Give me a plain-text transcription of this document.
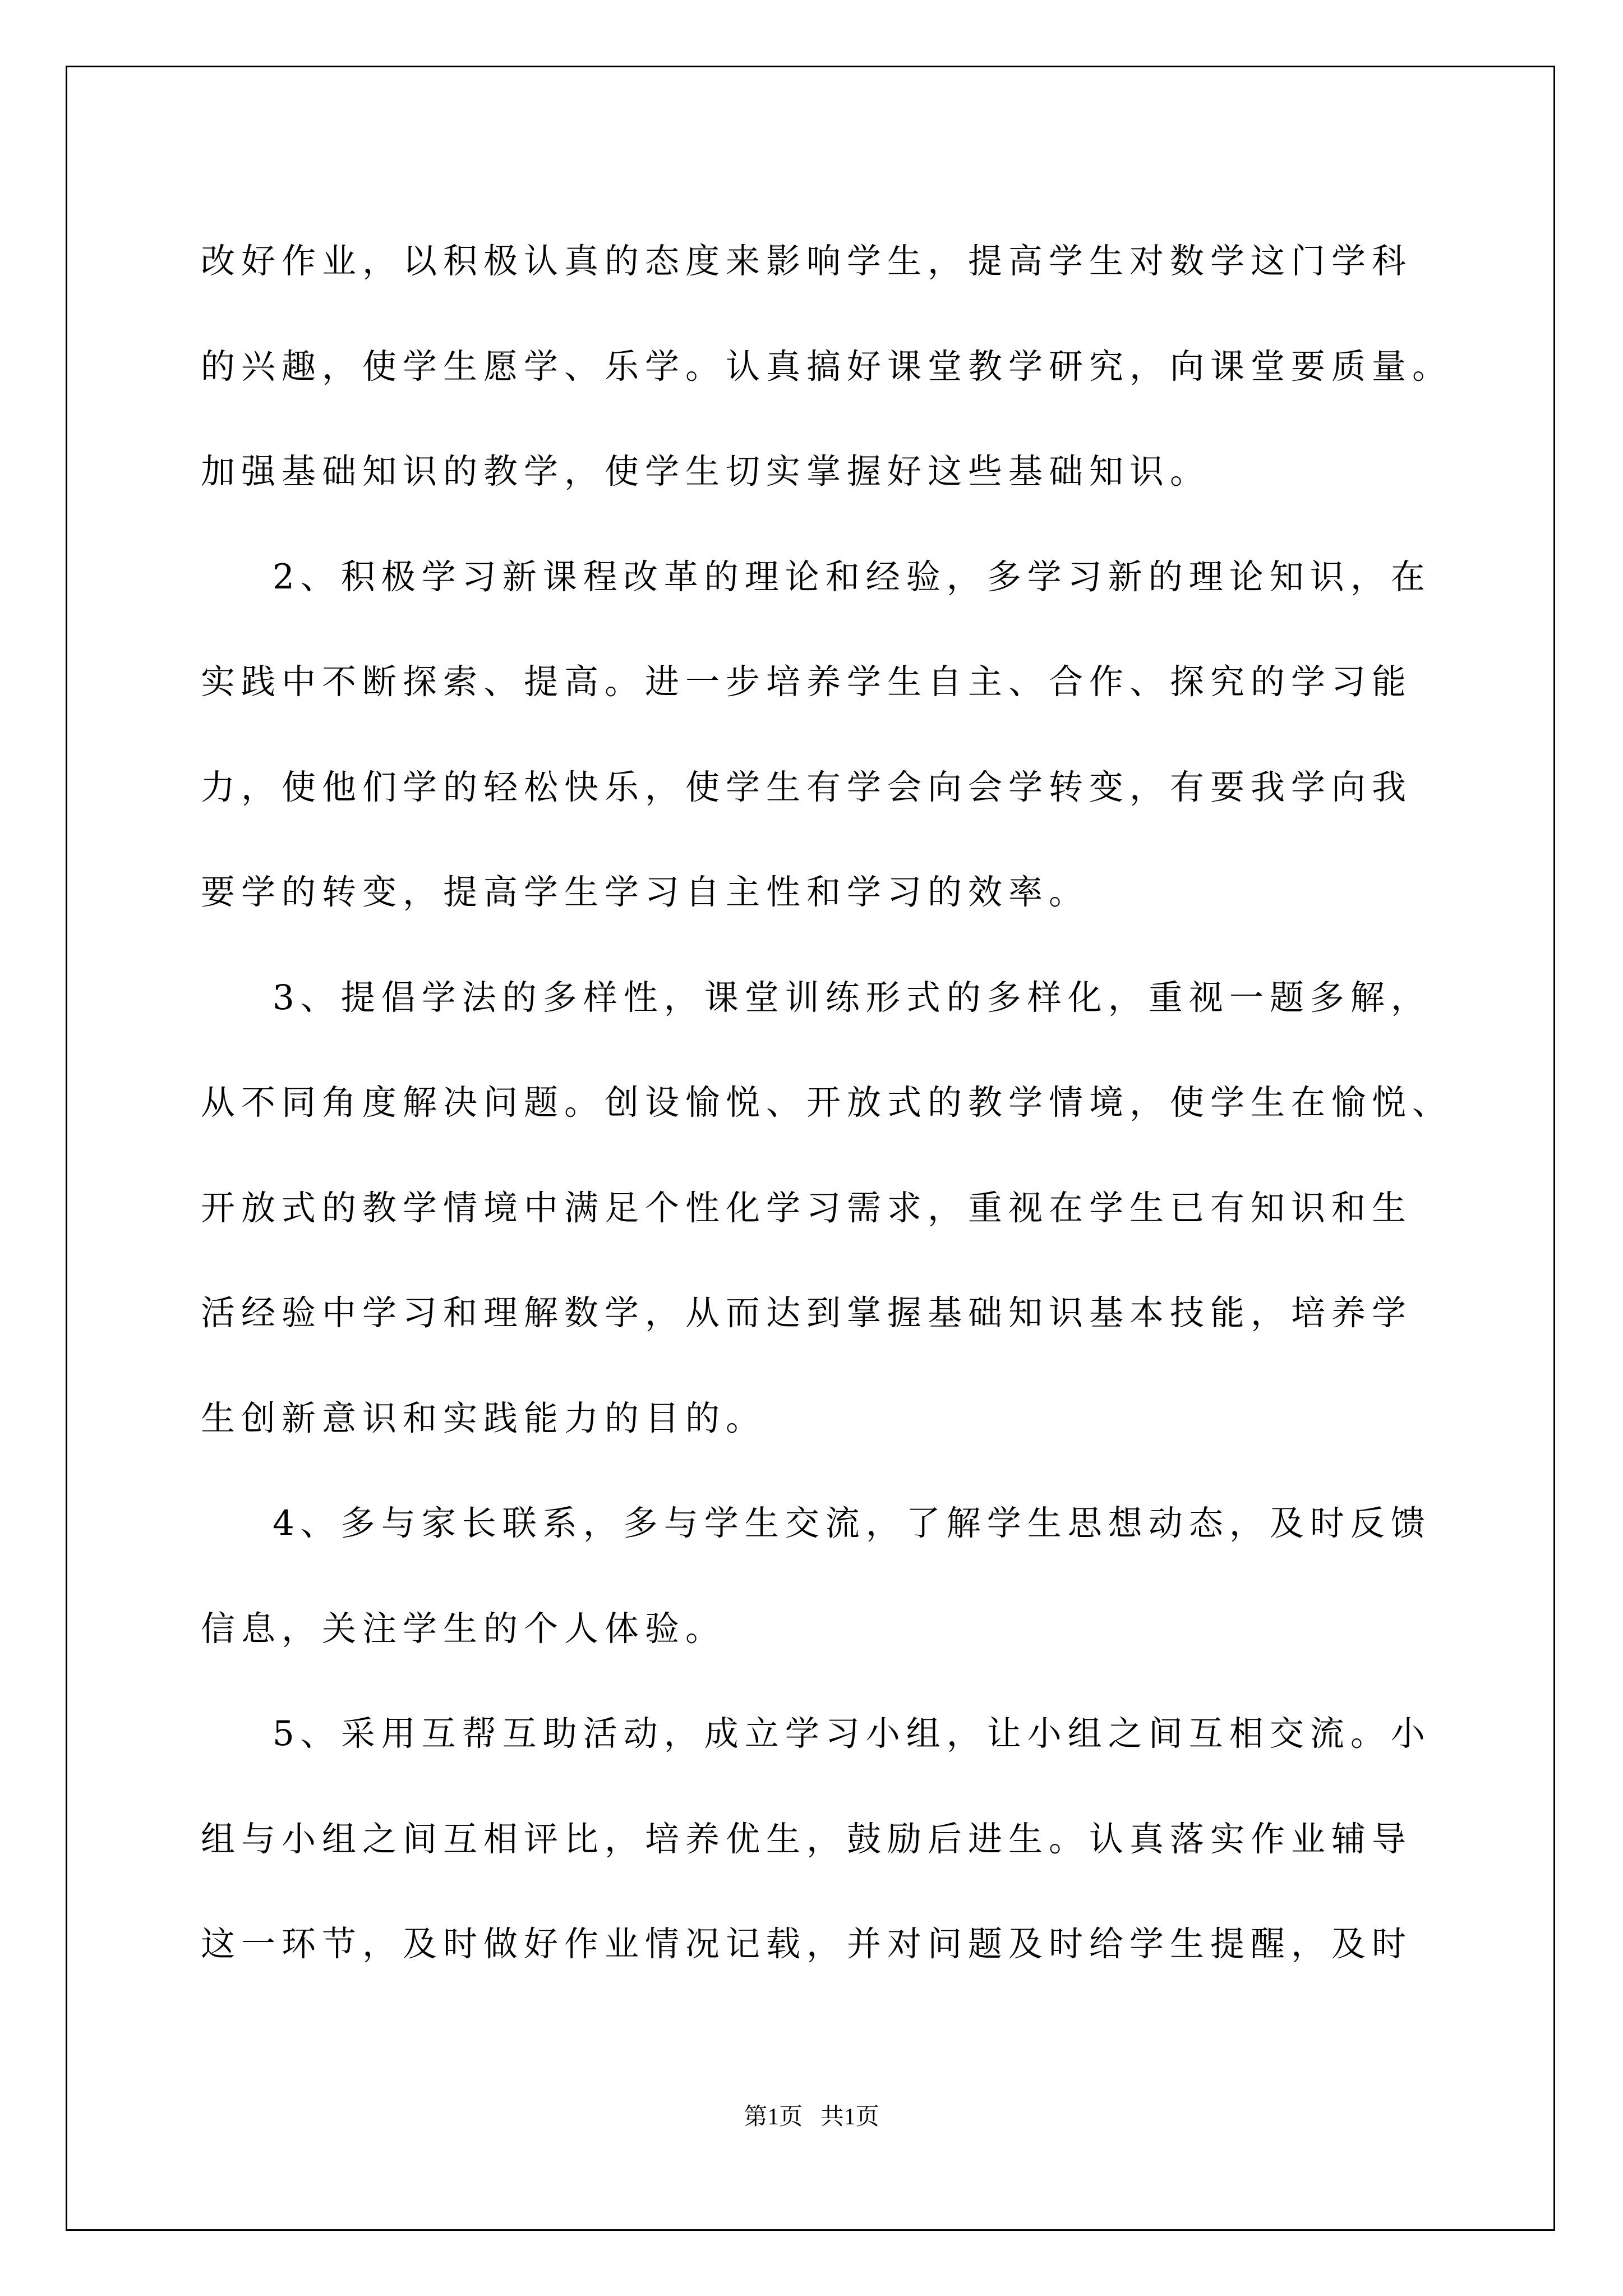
改好作业，以积极认真的态度来影响学生，提高学生对数学这门学科
的兴趣，使学生愿学、乐学。认真搞好课堂教学研究，向课堂要质量。
加强基础知识的教学，使学生切实掌握好这些基础知识。
2、积极学习新课程改革的理论和经验，多学习新的理论知识，在
实践中不断探索、提高。进一步培养学生自主、合作、探究的学习能
力，使他们学的轻松快乐，使学生有学会向会学转变，有要我学向我
要学的转变，提高学生学习自主性和学习的效率。
3、提倡学法的多样性，课堂训练形式的多样化，重视一题多解，
从不同角度解决问题。创设愉悦、开放式的教学情境，使学生在愉悦、
开放式的教学情境中满足个性化学习需求，重视在学生已有知识和生
活经验中学习和理解数学，从而达到掌握基础知识基本技能，培养学
生创新意识和实践能力的目的。
4、多与家长联系，多与学生交流，了解学生思想动态，及时反馈
信息，关注学生的个人体验。
5、采用互帮互助活动，成立学习小组，让小组之间互相交流。小
组与小组之间互相评比，培养优生，鼓励后进生。认真落实作业辅导
这一环节，及时做好作业情况记载，并对问题及时给学生提醒，及时
第1页   共1页
